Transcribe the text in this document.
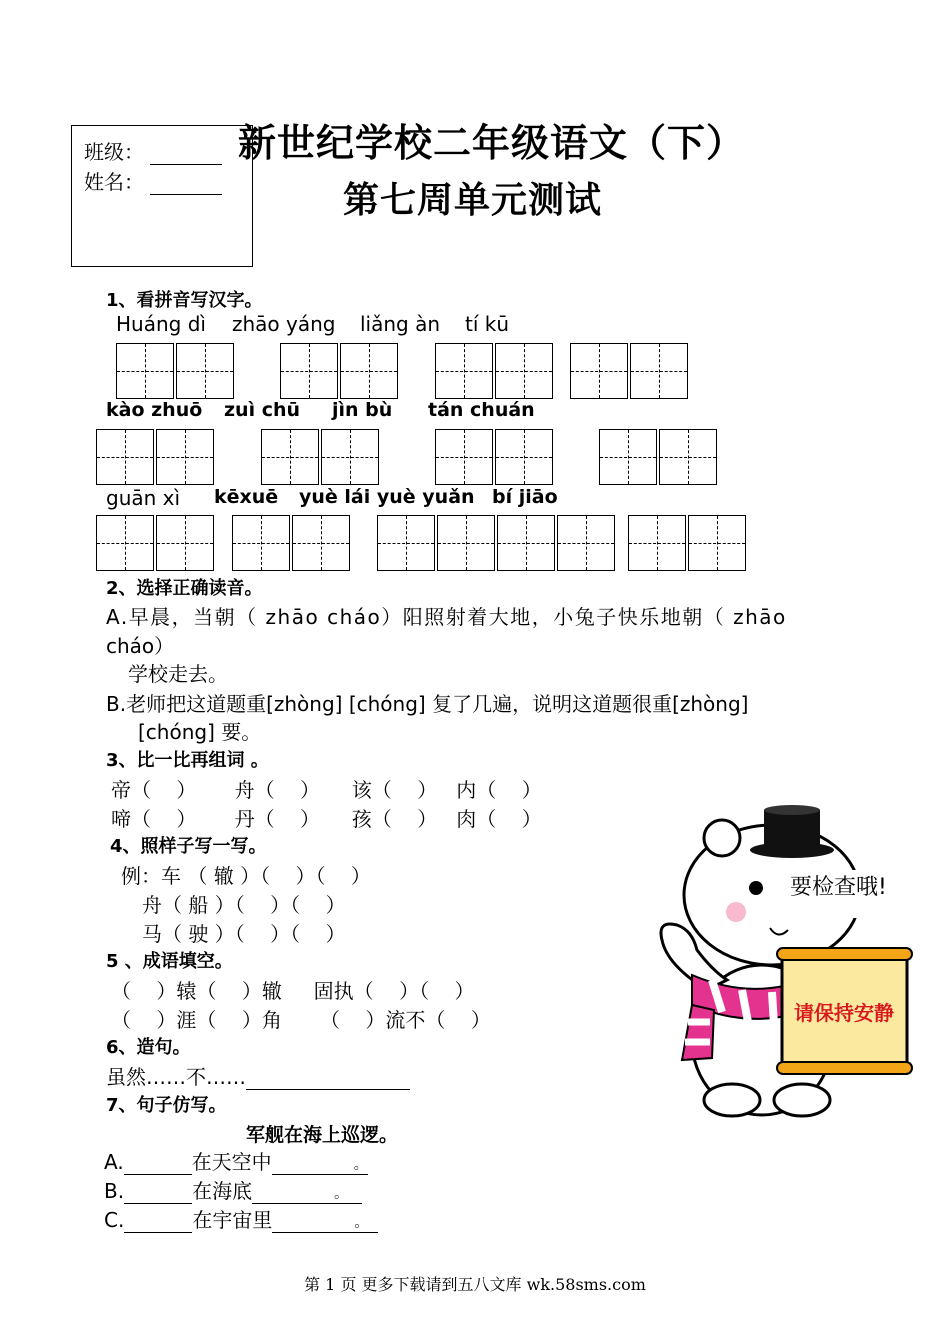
班级：
姓名：
新世纪学校二年级语文（下）
第七周单元测试
1、看拼音写汉字。
Huáng dì zhāo yáng liǎng àn tí kū
kào zhuō zuì chū jìn bù tán chuán
guān xì kēxuē yuè lái yuè yuǎn bí jiāo
2、选择正确读音。
A.早晨，当朝（ zhāo cháo）阳照射着大地，小兔子快乐地朝（ zhāo
cháo）
学校走去。
B.老师把这道题重[zhòng] [chóng] 复了几遍，说明这道题很重[zhòng]
[chóng] 要。
3、比一比再组词 。
帝（    ）      舟（    ）     该（    ）   内（    ）
啼（    ）      丹（    ）     孩（    ）   肉（    ）
4、照样子写一写。
例：车 （ 辙 ）（    ）（    ）
舟（ 船 ）（    ）（    ）
马（ 驶 ）（    ）（    ）
5 、成语填空。
（    ）辕（    ）辙     固执（    ）（    ）
（    ）涯（    ）角      （    ）流不（    ）
6、造句。
虽然……不……
7、句子仿写。
军舰在海上巡逻。
A.	在天空中	。
B.	在海底	。
C.	在宇宙里	。
请保持安静
要检查哦!
第 1 页 更多下载请到五八文库 wk.58sms.com
